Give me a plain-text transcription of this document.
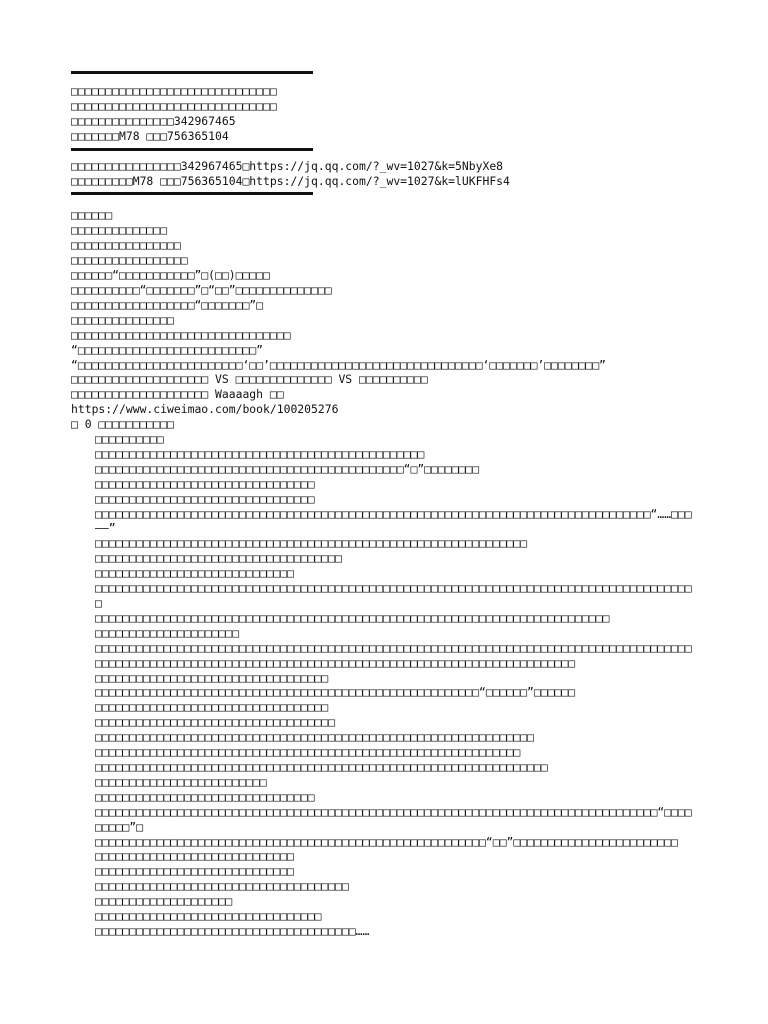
□□□□□□□□□□□□□□□□□□□□□□□□□□□□□□
□□□□□□□□□□□□□□□□□□□□□□□□□□□□□□
□□□□□□□□□□□□□□□342967465
□□□□□□□M78 □□□756365104
□□□□□□□□□□□□□□□□342967465□https://jq.qq.com/?_wv=1027&k=5NbyXe8
□□□□□□□□□M78 □□□756365104□https://jq.qq.com/?_wv=1027&k=lUKFHFs4
□□□□□□
□□□□□□□□□□□□□□
□□□□□□□□□□□□□□□□
□□□□□□□□□□□□□□□□□
□□□□□□“□□□□□□□□□□□”□(□□)□□□□□
□□□□□□□□□□“□□□□□□□”□“□□”□□□□□□□□□□□□□□
□□□□□□□□□□□□□□□□□□“□□□□□□□”□
□□□□□□□□□□□□□□□
□□□□□□□□□□□□□□□□□□□□□□□□□□□□□□□□
“□□□□□□□□□□□□□□□□□□□□□□□□□□”
“□□□□□□□□□□□□□□□□□□□□□□□□‘□□’□□□□□□□□□□□□□□□□□□□□□□□□□□□□□□□‘□□□□□□□’□□□□□□□□”
□□□□□□□□□□□□□□□□□□□□ VS □□□□□□□□□□□□□□ VS □□□□□□□□□□
□□□□□□□□□□□□□□□□□□□□ Waaaagh □□
https://www.ciweimao.com/book/100205276
□ 0 □□□□□□□□□□□
□□□□□□□□□□
□□□□□□□□□□□□□□□□□□□□□□□□□□□□□□□□□□□□□□□□□□□□□□□□
□□□□□□□□□□□□□□□□□□□□□□□□□□□□□□□□□□□□□□□□□□□□□“□”□□□□□□□□
□□□□□□□□□□□□□□□□□□□□□□□□□□□□□□□□
□□□□□□□□□□□□□□□□□□□□□□□□□□□□□□□□
□□□□□□□□□□□□□□□□□□□□□□□□□□□□□□□□□□□□□□□□□□□□□□□□□□□□□□□□□□□□□□□□□□□□□□□□□□□□□□□□□“……□□□——”
□□□□□□□□□□□□□□□□□□□□□□□□□□□□□□□□□□□□□□□□□□□□□□□□□□□□□□□□□□□□□□□
□□□□□□□□□□□□□□□□□□□□□□□□□□□□□□□□□□□□
□□□□□□□□□□□□□□□□□□□□□□□□□□□□□
□□□□□□□□□□□□□□□□□□□□□□□□□□□□□□□□□□□□□□□□□□□□□□□□□□□□□□□□□□□□□□□□□□□□□□□□□□□□□□□□□□□□□□□□
□□□□□□□□□□□□□□□□□□□□□□□□□□□□□□□□□□□□□□□□□□□□□□□□□□□□□□□□□□□□□□□□□□□□□□□□□□□
□□□□□□□□□□□□□□□□□□□□□
□□□□□□□□□□□□□□□□□□□□□□□□□□□□□□□□□□□□□□□□□□□□□□□□□□□□□□□□□□□□□□□□□□□□□□□□□□□□□□□□□□□□□□□
□□□□□□□□□□□□□□□□□□□□□□□□□□□□□□□□□□□□□□□□□□□□□□□□□□□□□□□□□□□□□□□□□□□□□□
□□□□□□□□□□□□□□□□□□□□□□□□□□□□□□□□□□
□□□□□□□□□□□□□□□□□□□□□□□□□□□□□□□□□□□□□□□□□□□□□□□□□□□□□□□□“□□□□□□”□□□□□□
□□□□□□□□□□□□□□□□□□□□□□□□□□□□□□□□□□
□□□□□□□□□□□□□□□□□□□□□□□□□□□□□□□□□□□
□□□□□□□□□□□□□□□□□□□□□□□□□□□□□□□□□□□□□□□□□□□□□□□□□□□□□□□□□□□□□□□□
□□□□□□□□□□□□□□□□□□□□□□□□□□□□□□□□□□□□□□□□□□□□□□□□□□□□□□□□□□□□□□
□□□□□□□□□□□□□□□□□□□□□□□□□□□□□□□□□□□□□□□□□□□□□□□□□□□□□□□□□□□□□□□□□□
□□□□□□□□□□□□□□□□□□□□□□□□□
□□□□□□□□□□□□□□□□□□□□□□□□□□□□□□□□
□□□□□□□□□□□□□□□□□□□□□□□□□□□□□□□□□□□□□□□□□□□□□□□□□□□□□□□□□□□□□□□□□□□□□□□□□□□□□□□□□□“□□□□□□□□□”□
□□□□□□□□□□□□□□□□□□□□□□□□□□□□□□□□□□□□□□□□□□□□□□□□□□□□□□□□□“□□”□□□□□□□□□□□□□□□□□□□□□□□□
□□□□□□□□□□□□□□□□□□□□□□□□□□□□□
□□□□□□□□□□□□□□□□□□□□□□□□□□□□□
□□□□□□□□□□□□□□□□□□□□□□□□□□□□□□□□□□□□□
□□□□□□□□□□□□□□□□□□□□
□□□□□□□□□□□□□□□□□□□□□□□□□□□□□□□□□
□□□□□□□□□□□□□□□□□□□□□□□□□□□□□□□□□□□□□□……
